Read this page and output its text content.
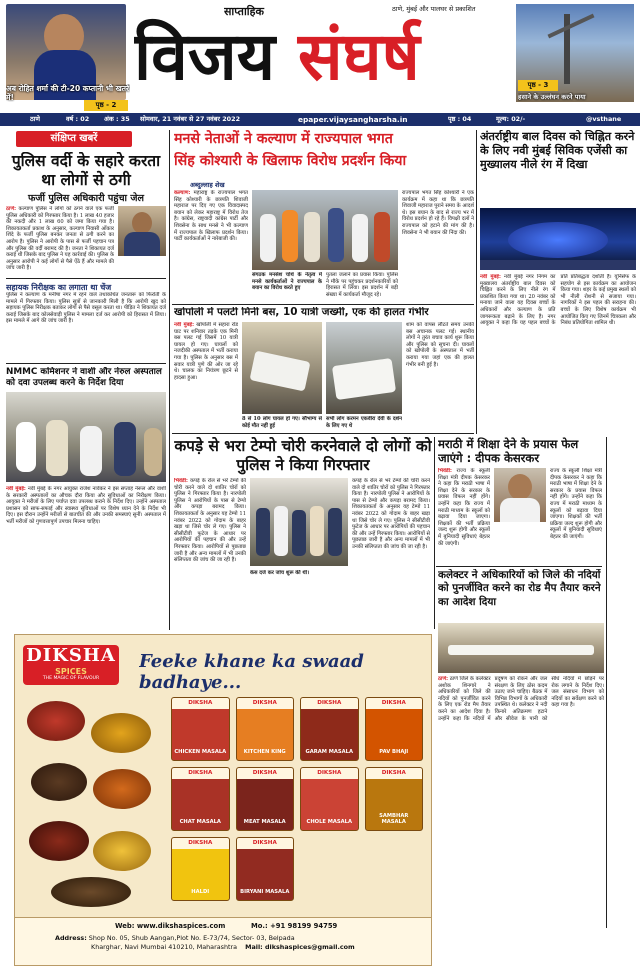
अब रोहित शर्मा की टी-20 कप्तानी भी खतरे में!
पृष्ठ - 2
साप्ताहिक	ठाणे, मुंबई और पालघर से प्रकाशित
विजय संघर्ष	पृष्ठ - 3
हसाने के उल्लंघन करने पाया
ठाणे	वर्ष : 02 अंक : 35 सोमवार, 21 नवंबर से 27 नवंबर 2022	epaper.vijaysangharsha.in	पृष्ठ : 04	मूल्य: 02/-	@vsthane
संक्षिप्त खबरें
पुलिस वर्दी के सहारे करता था लोगों से ठगी
फर्जी पुलिस अधिकारी पहुंचा जेल
ठाणे: कल्याण पुलिस ने लोगों को ठगने वाले एक फर्जी पुलिस अधिकारी को गिरफ्तार किया है। 1 लाख 40 हजार की नकदी और 1 लाख 60 को जमा किया गया है। शिकायतकर्ता प्रकाश के अनुसार, कल्याण निवासी ओंकार शिंदे के फर्जी पुलिस बनकर जनता से ठगी करने का आरोप है। पुलिस ने आरोपी के पास से फर्जी पहचान पत्र और पुलिस की वर्दी बरामद की है। जनता ने शिकायत दर्ज कराई थी जिसके बाद पुलिस ने यह कार्रवाई की। पुलिस के अनुसार आरोपी ने कई लोगों से पैसे ऐंठे हैं और मामले की जांच जारी है।
सहायक निरीक्षक का लगाता था चेंज
पुलिस ने कल्याण के मनीषा नगर में रहने वाले तथाकथित जनतारू को फिरोती के मामले में गिरफ्तार किया। पुलिस सूत्रों से जानकारी मिली है कि आरोपी खुद को सहायक पुलिस निरीक्षक बताकर लोगों से पैसे वसूल करता था। पीड़ित ने शिकायत दर्ज कराई जिसके बाद कोलसेवाड़ी पुलिस ने मामला दर्ज कर आरोपी को हिरासत में लिया। इस मामले में आगे की जांच जारी है।
NMMC कमिशनर ने वाशी और नेरुल अस्पताल को दवा उपलब्ध करने के निर्देश दिया
नवी मुंबई: नवी मुंबई के नगर आयुक्त राजेश नार्वेकर ने इस सप्ताह नेरूल और वाशी के सरकारी अस्पतालों का औचक दौरा किया और सुविधाओं का निरीक्षण किया। आयुक्त ने मरीजों के लिए पर्याप्त दवा उपलब्ध कराने के निर्देश दिए। उन्होंने अस्पताल प्रशासन को साफ-सफाई और स्वास्थ्य सुविधाओं पर विशेष ध्यान देने के निर्देश भी दिए। इस दौरान उन्होंने मरीजों से बातचीत की और उनकी समस्याएं सुनीं। अस्पताल में भर्ती मरीजों को गुणवत्तापूर्ण उपचार मिलना चाहिए।
मनसे नेताओं ने कल्याण में राज्यपाल भगत
सिंह कोश्यारी के खिलाफ विरोध प्रदर्शन किया
अब्दुल्लाह शेख
कल्याण: महाराष्ट्र के राज्यपाल भगत सिंह कोश्यारी के छत्रपति शिवाजी महाराज पर दिए गए एक विवादास्पद बयान को लेकर महाराष्ट्र में विरोध तेज है। कांग्रेस, राष्ट्रवादी कांग्रेस पार्टी और शिवसेना के साथ मनसे ने भी कल्याण में राज्यपाल के खिलाफ प्रदर्शन किया। पार्टी कार्यकर्ताओं ने नारेबाजी की।
संगठक मनसेश चोथे के नेतृत्व में मनसे कार्यकर्ताओं ने राज्यपाल के बयान का विरोध करते हुए
पुतला जलाने का प्रयास किया। पुलिस ने मौके पर पहुंचकर प्रदर्शनकारियों को हिरासत में लिया। इस प्रदर्शन में बड़ी संख्या में कार्यकर्ता मौजूद रहे।
राज्यपाल भगत सिंह कोश्यारी ने एक कार्यक्रम में कहा था कि छत्रपति शिवाजी महाराज पुराने समय के आदर्श थे। इस बयान के बाद से राज्य भर में विरोध प्रदर्शन हो रहे हैं। विपक्षी दलों ने राज्यपाल को हटाने की मांग की है। शिवसेना ने भी बयान की निंदा की।
खोपोली में पलटी मिनी बस, 10 यात्री जख्मी, एक की हालत गंभीर
नवी मुंबई: खोपोली में सहारा रोड घाट पर शनिवार तड़के एक मिनी बस पलट गई जिसमें 10 यात्री घायल हो गए। घायलों को नजदीकी अस्पताल में भर्ती कराया गया है। पुलिस के अनुसार बस में सवार यात्री पुणे की ओर जा रहे थे। चालक का नियंत्रण छूटने से हादसा हुआ।
8 से 10 लोग घायल हो गए। सौभाग्य से कोई मौत नहीं हुई
सभी लोग करमन एकवीरा देवी के दर्शन के लिए गए थे
शाम को वापस लौटते समय उनकी बस अचानक पलट गई। स्थानीय लोगों ने तुरंत बचाव कार्य शुरू किया और पुलिस को सूचना दी। घायलों को खोपोली के अस्पताल में भर्ती कराया गया जहां एक की हालत गंभीर बनी हुई है।
कपड़े से भरा टेम्पो चोरी करनेवाले दो लोगों को पुलिस ने किया गिरफ्तार
भिवंडी: कपड़े के रोल से भरे टेम्पो की चोरी करने वाले दो शातिर चोरों को पुलिस ने गिरफ्तार किया है। नारपोली पुलिस ने आरोपियों के पास से टेम्पो और कपड़ा बरामद किया। शिकायतकर्ता के अनुसार यह टेम्पो 11 नवंबर 2022 को गोदाम के बाहर खड़ा था जिसे चोर ले गए। पुलिस ने सीसीटीवी फुटेज के आधार पर आरोपियों की पहचान की और उन्हें गिरफ्तार किया। आरोपियों से पूछताछ जारी है और अन्य मामलों में भी उनकी संलिप्तता की जांच की जा रही है।
केस दर्ज कर जांच शुरू की थी।
कपड़े के रोल से भरे टेम्पो की चोरी करने वाले दो शातिर चोरों को पुलिस ने गिरफ्तार किया है। नारपोली पुलिस ने आरोपियों के पास से टेम्पो और कपड़ा बरामद किया। शिकायतकर्ता के अनुसार यह टेम्पो 11 नवंबर 2022 को गोदाम के बाहर खड़ा था जिसे चोर ले गए। पुलिस ने सीसीटीवी फुटेज के आधार पर आरोपियों की पहचान की और उन्हें गिरफ्तार किया। आरोपियों से पूछताछ जारी है और अन्य मामलों में भी उनकी संलिप्तता की जांच की जा रही है।
मराठी में शिक्षा देने के प्रयास फेल जाएंगे : दीपक केसरकर
भिवंडी: राज्य के स्कूली शिक्षा मंत्री दीपक केसरकर ने कहा कि मराठी भाषा में शिक्षा देने के सरकार के प्रयास विफल नहीं होंगे। उन्होंने कहा कि राज्य में मराठी माध्यम के स्कूलों को बढ़ावा दिया जाएगा। शिक्षकों की भर्ती प्रक्रिया जल्द शुरू होगी और स्कूलों में बुनियादी सुविधाएं बेहतर की जाएंगी।
राज्य के स्कूली शिक्षा मंत्री दीपक केसरकर ने कहा कि मराठी भाषा में शिक्षा देने के सरकार के प्रयास विफल नहीं होंगे। उन्होंने कहा कि राज्य में मराठी माध्यम के स्कूलों को बढ़ावा दिया जाएगा। शिक्षकों की भर्ती प्रक्रिया जल्द शुरू होगी और स्कूलों में बुनियादी सुविधाएं बेहतर की जाएंगी।
कलेक्टर ने अधिकारियों को जिले की नदियों को पुनर्जीवित करने का रोड मैप तैयार करने का आदेश दिया
ठाणे: ठाणे जिले के कलेक्टर अशोक शिनगारे ने अधिकारियों को जिले की नदियों को पुनर्जीवित करने के लिए एक रोड मैप तैयार करने का आदेश दिया है। उन्होंने कहा कि नदियों में प्रदूषण को रोकने और जल संरक्षण के लिए ठोस कदम उठाए जाने चाहिए। बैठक में विभिन्न विभागों के अधिकारी उपस्थित थे। कलेक्टर ने नदी किनारे अतिक्रमण हटाने और सीवेज के पानी को सीधे नदियों में छोड़ने पर रोक लगाने के निर्देश दिए। जल संसाधन विभाग को नदियों का सर्वेक्षण करने को कहा गया है।
अंतर्राष्ट्रीय बाल दिवस को चिह्नित करने के लिए नवी मुंबई सिविक एजेंसी का मुख्यालय नीले रंग में दिखा
नवी मुंबई: नवी मुंबई नगर निगम का मुख्यालय अंतर्राष्ट्रीय बाल दिवस को चिह्नित करने के लिए नीले रंग में प्रकाशित किया गया था। 20 नवंबर को मनाया जाने वाला यह दिवस बच्चों के अधिकारों और कल्याण के प्रति जागरूकता बढ़ाने के लिए है। नगर आयुक्त ने कहा कि यह पहल बच्चों के प्रति प्रतिबद्धता दर्शाती है। यूनिसेफ के सहयोग से इस कार्यक्रम का आयोजन किया गया। शहर के कई प्रमुख स्थलों को भी नीली रोशनी से सजाया गया। नागरिकों ने इस पहल की सराहना की। बच्चों के लिए विशेष कार्यक्रम भी आयोजित किए गए जिनमें चित्रकला और निबंध प्रतियोगिता शामिल थी।
DIKSHA
SPICES
THE MAGIC OF FLAVOUR
Feeke khane ka swaad badhaye...
DIKSHA
CHICKEN MASALA
DIKSHA
KITCHEN KING
DIKSHA
GARAM MASALA
DIKSHA
PAV BHAJI
DIKSHA
CHAT MASALA
DIKSHA
MEAT MASALA
DIKSHA
CHOLE MASALA
DIKSHA
SAMBHAR MASALA
DIKSHA
HALDI
DIKSHA
BIRYANI MASALA
Web: www.dikshaspices.com	Mo.: +91 98199 94759
Address: Shop No. 05, Shub Aangan,Plot No. E-73/74, Sector- 03, Belpada
Kharghar, Navi Mumbai 410210, Maharashtra Mail: dikshaspices@gmail.com
